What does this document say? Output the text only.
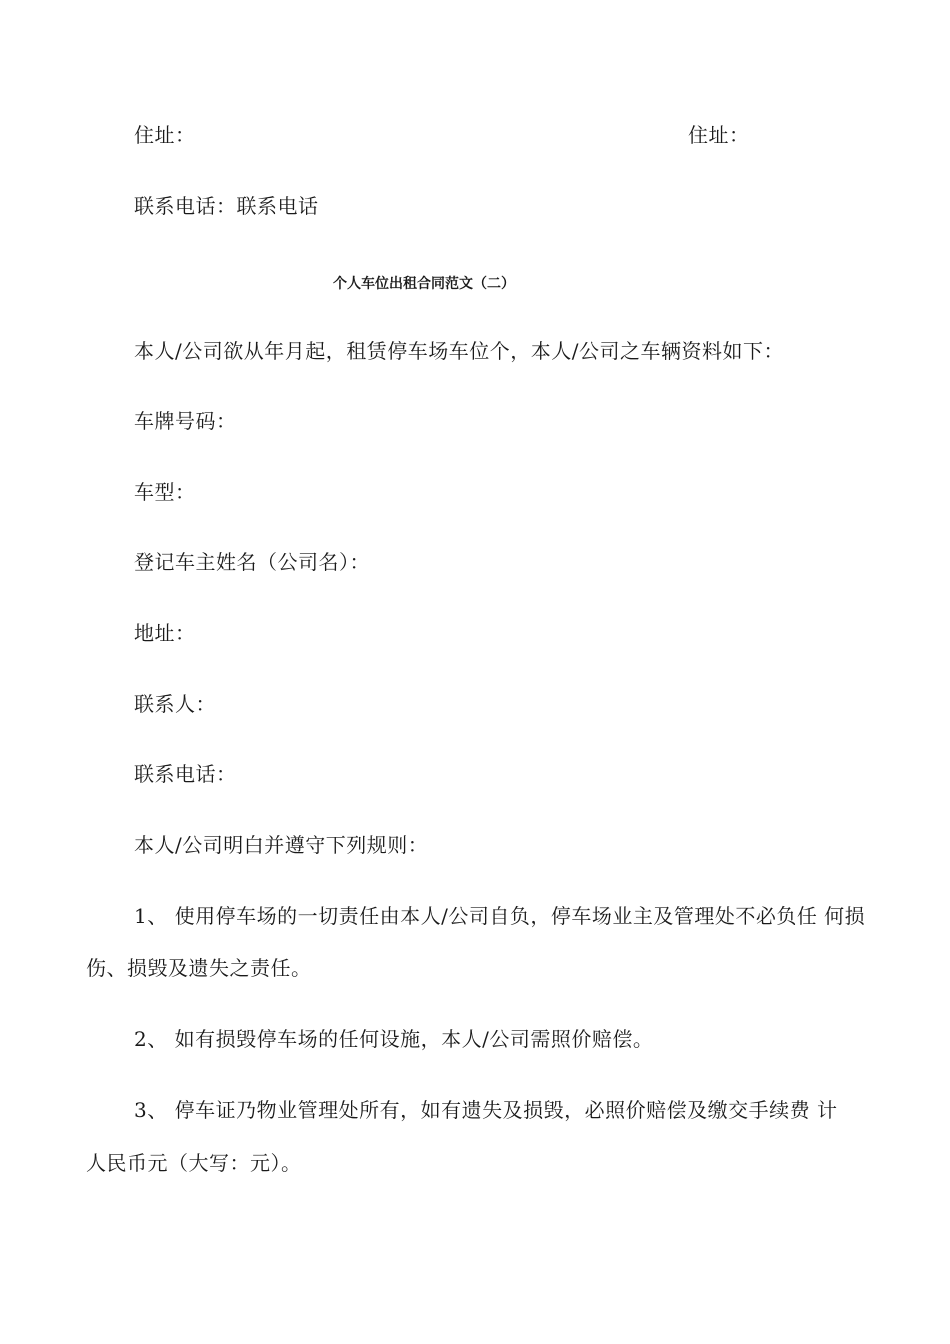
住址：	住址：
联系电话：联系电话
个人车位出租合同范文（二）
本人/公司欲从年月起，租赁停车场车位个，本人/公司之车辆资料如下：
车牌号码：
车型：
登记车主姓名（公司名）：
地址：
联系人：
联系电话：
本人/公司明白并遵守下列规则：
1、 使用停车场的一切责任由本人/公司自负，停车场业主及管理处不必负任 何损
伤、损毁及遗失之责任。
2、 如有损毁停车场的任何设施，本人/公司需照价赔偿。
3、 停车证乃物业管理处所有，如有遗失及损毁，必照价赔偿及缴交手续费 计
人民币元（大写：元）。
